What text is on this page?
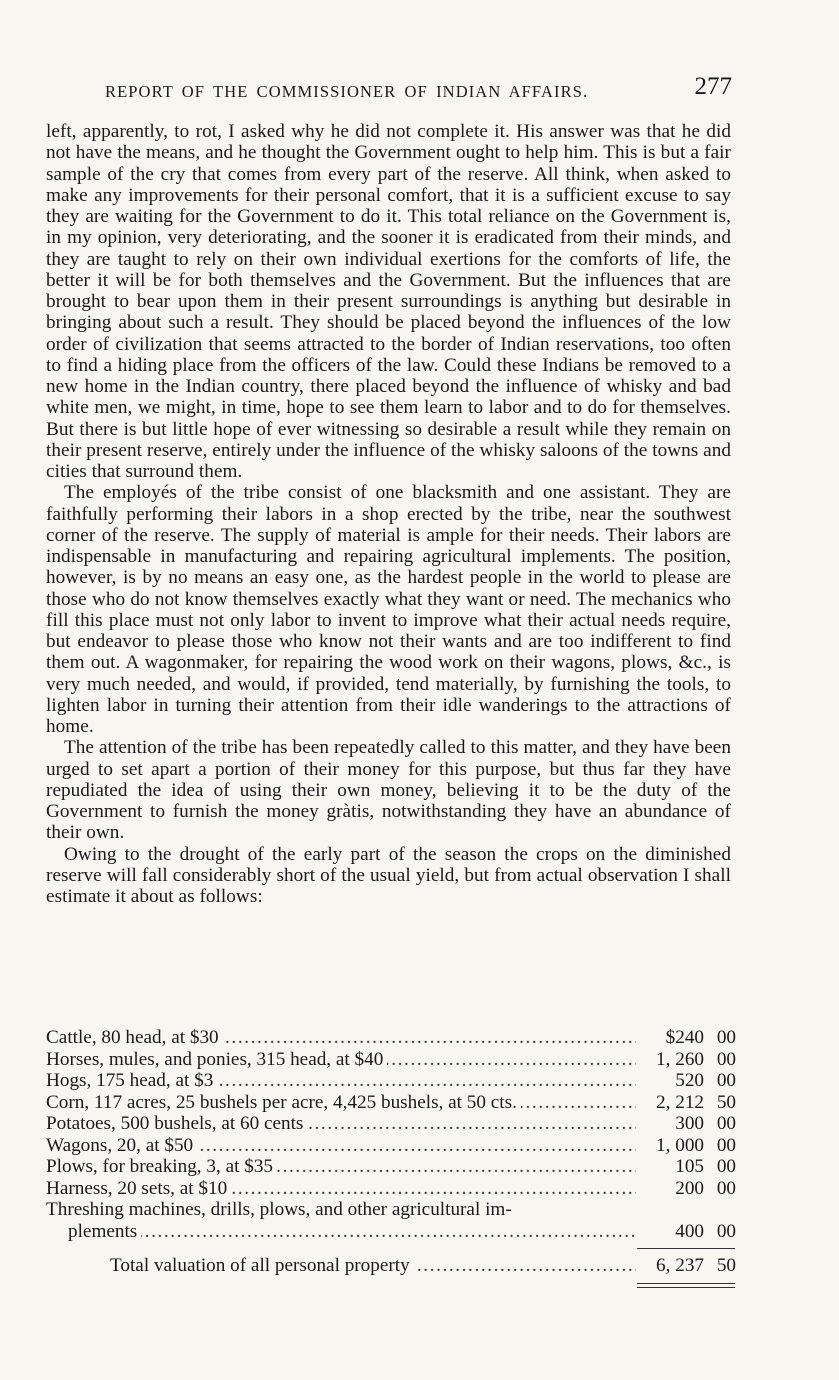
REPORT OF THE COMMISSIONER OF INDIAN AFFAIRS.	277

left, apparently, to rot, I asked why he did not complete it. His answer was that he did not have the means, and he thought the Government ought to help him. This is but a fair sample of the cry that comes from every part of the reserve. All think, when asked to make any improvements for their personal comfort, that it is a sufficient excuse to say they are waiting for the Government to do it. This total reliance on the Government is, in my opinion, very deteriorating, and the sooner it is eradicated from their minds, and they are taught to rely on their own individual exertions for the comforts of life, the better it will be for both themselves and the Government. But the influences that are brought to bear upon them in their present surroundings is anything but desirable in bringing about such a result. They should be placed beyond the influences of the low order of civilization that seems attracted to the border of Indian reservations, too often to find a hiding place from the officers of the law. Could these Indians be removed to a new home in the Indian country, there placed beyond the influence of whisky and bad white men, we might, in time, hope to see them learn to labor and to do for themselves. But there is but little hope of ever witnessing so desirable a result while they remain on their present reserve, entirely under the influence of the whisky saloons of the towns and cities that surround them.

The employés of the tribe consist of one blacksmith and one assistant. They are faithfully performing their labors in a shop erected by the tribe, near the southwest corner of the reserve. The supply of material is ample for their needs. Their labors are indispensable in manufacturing and repairing agricultural implements. The position, however, is by no means an easy one, as the hardest people in the world to please are those who do not know themselves exactly what they want or need. The mechanics who fill this place must not only labor to invent to improve what their actual needs require, but endeavor to please those who know not their wants and are too indifferent to find them out. A wagonmaker, for repairing the wood work on their wagons, plows, &c., is very much needed, and would, if provided, tend materially, by furnishing the tools, to lighten labor in turning their attention from their idle wanderings to the attractions of home.

The attention of the tribe has been repeatedly called to this matter, and they have been urged to set apart a portion of their money for this purpose, but thus far they have repudiated the idea of using their own money, believing it to be the duty of the Government to furnish the money gràtis, notwithstanding they have an abundance of their own.

Owing to the drought of the early part of the season the crops on the diminished reserve will fall considerably short of the usual yield, but from actual observation I shall estimate it about as follows:

Cattle, 80 head, at $30 . . .	$240 00
Horses, mules, and ponies, 315 head, at $40 . . .	1, 260 00
Hogs, 175 head, at $3 . . .	520 00
Corn, 117 acres, 25 bushels per acre, 4,425 bushels, at 50 cts. . . .	2, 212 50
Potatoes, 500 bushels, at 60 cents . . .	300 00
Wagons, 20, at $50 . . .	1, 000 00
Plows, for breaking, 3, at $35 . . .	105 00
Harness, 20 sets, at $10 . . .	200 00
Threshing machines, drills, plows, and other agricultural im-
plements . . .	400 00
Total valuation of all personal property . . .	6, 237 50
